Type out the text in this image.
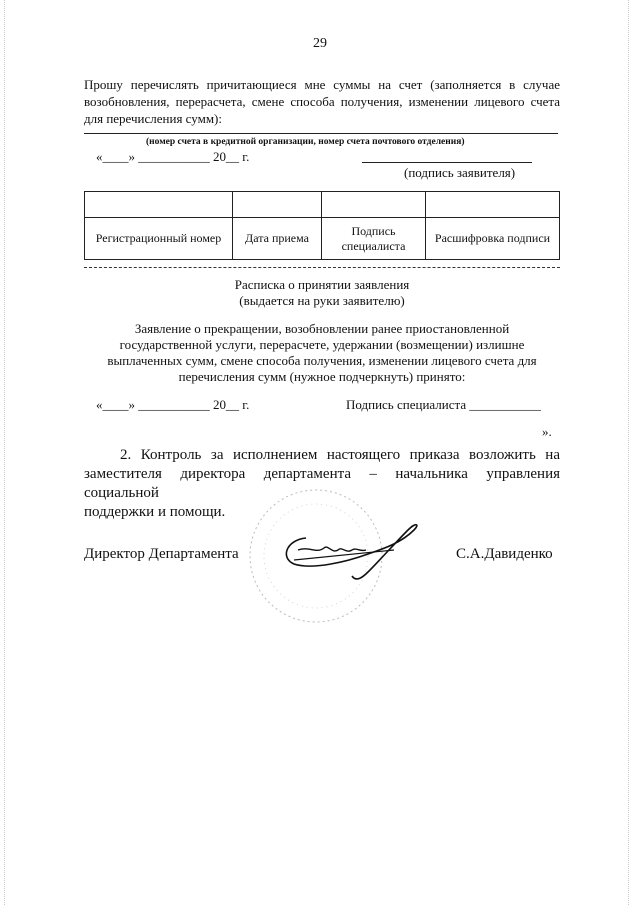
29
Прошу перечислять причитающиеся мне суммы на счет (заполняется в случае
возобновления, перерасчета, смене способа получения, изменении лицевого счета
для перечисления сумм):
(номер счета в кредитной организации, номер счета почтового отделения)
«____» ___________ 20__ г.
(подпись заявителя)

Регистрационный номер	Дата приема	Подпись специалиста	Расшифровка подписи
Расписка о принятии заявления
(выдается на руки заявителю)
Заявление о прекращении, возобновлении ранее приостановленной
государственной услуги, перерасчете, удержании (возмещении) излишне
выплаченных сумм, смене способа получения, изменении лицевого счета для
перечисления сумм (нужное подчеркнуть) принято:
«____» ___________ 20__ г.	Подпись специалиста ___________
».
2. Контроль за исполнением настоящего приказа возложить на
заместителя директора департамента – начальника управления социальной
поддержки и помощи.
Директор Департамента	С.А.Давиденко
